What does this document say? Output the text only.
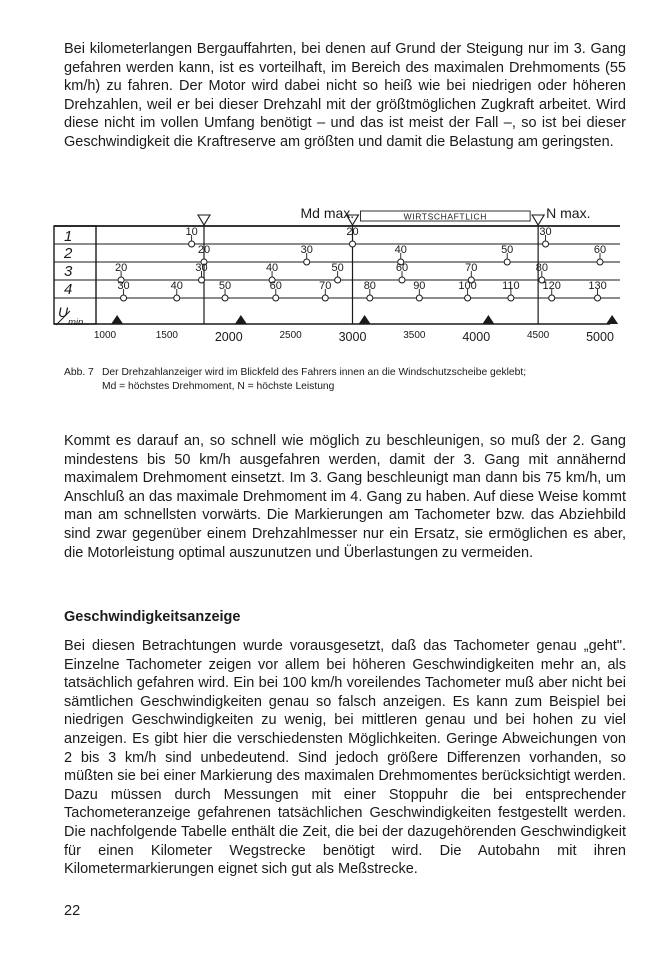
Bei kilometerlangen Bergauffahrten, bei denen auf Grund der Steigung nur im 3. Gang gefahren werden kann, ist es vorteilhaft, im Bereich des maximalen Drehmoments (55 km/h) zu fahren. Der Motor wird dabei nicht so heiß wie bei niedrigen oder höheren Drehzahlen, weil er bei dieser Drehzahl mit der größtmöglichen Zugkraft arbeitet. Wird diese nicht im vollen Umfang benötigt – und das ist meist der Fall –, so ist bei dieser Geschwindigkeit die Kraftreserve am größten und damit die Belastung am geringsten.

Md max.	WIRTSCHAFTLICH	N max.
1
2
3
4
10	20	30
20	30	40	50	60
20	30	40	50	60	70	80
30	40	50	60	70	80	90	100 110 120 130
1000	1500	2000	2500	3000	3500	4000	4500	5000
U
min
Abb. 7 Der Drehzahlanzeiger wird im Blickfeld des Fahrers innen an die Windschutzscheibe geklebt;
Md = höchstes Drehmoment, N = höchste Leistung

Kommt es darauf an, so schnell wie möglich zu beschleunigen, so muß der 2. Gang mindestens bis 50 km/h ausgefahren werden, damit der 3. Gang mit annähernd maximalem Drehmoment einsetzt. Im 3. Gang beschleunigt man dann bis 75 km/h, um Anschluß an das maximale Drehmoment im 4. Gang zu haben. Auf diese Weise kommt man am schnellsten vorwärts. Die Markierungen am Tachometer bzw. das Abziehbild sind zwar gegenüber einem Drehzahlmesser nur ein Ersatz, sie ermöglichen es aber, die Motorleistung optimal auszunutzen und Überlastungen zu vermeiden.

Geschwindigkeitsanzeige

Bei diesen Betrachtungen wurde vorausgesetzt, daß das Tachometer genau „geht". Einzelne Tachometer zeigen vor allem bei höheren Geschwindigkeiten mehr an, als tatsächlich gefahren wird. Ein bei 100 km/h voreilendes Tachometer muß aber nicht bei sämtlichen Geschwindigkeiten genau so falsch anzeigen. Es kann zum Beispiel bei niedrigen Geschwindigkeiten zu wenig, bei mittleren genau und bei hohen zu viel anzeigen. Es gibt hier die verschiedensten Möglichkeiten. Geringe Abweichungen von 2 bis 3 km/h sind unbedeutend. Sind jedoch größere Differenzen vorhanden, so müßten sie bei einer Markierung des maximalen Drehmomentes berücksichtigt werden. Dazu müssen durch Messungen mit einer Stoppuhr die bei entsprechender Tachometeranzeige gefahrenen tatsächlichen Geschwindigkeiten festgestellt werden. Die nachfolgende Tabelle enthält die Zeit, die bei der dazugehörenden Geschwindigkeit für einen Kilometer Wegstrecke benötigt wird. Die Autobahn mit ihren Kilometermarkierungen eignet sich gut als Meßstrecke.

22
